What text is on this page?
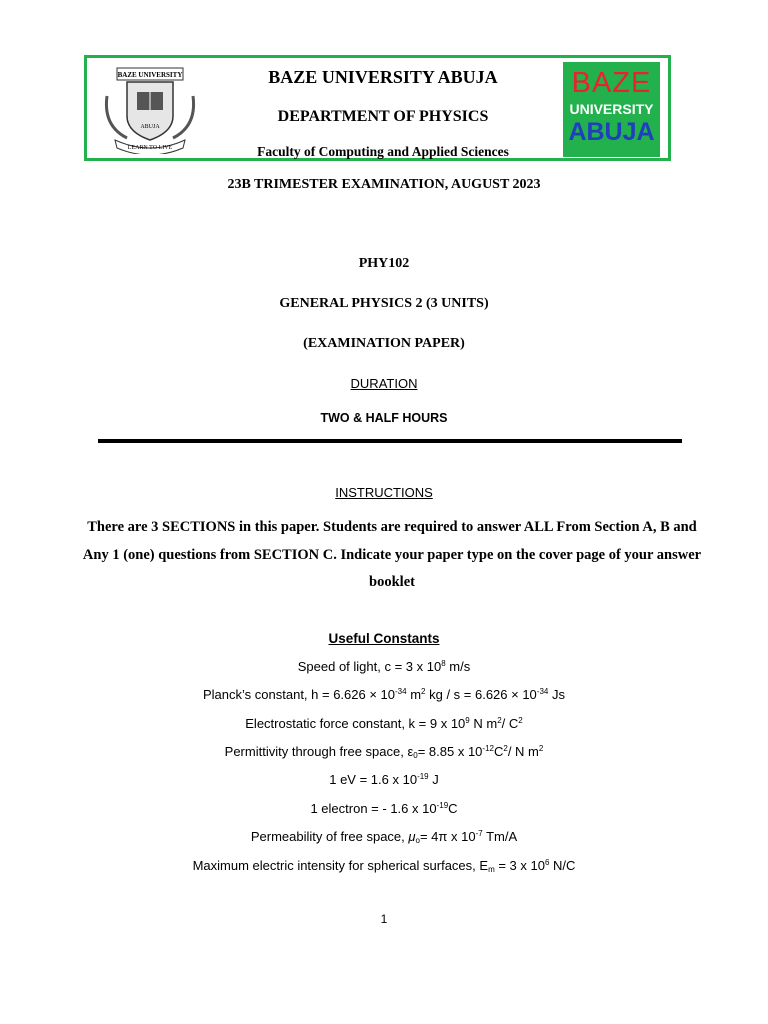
BAZE UNIVERSITY
ABUJA
LEARN TO LIVE
BAZE UNIVERSITY ABUJA
DEPARTMENT OF PHYSICS
Faculty of Computing and Applied Sciences
BAZE
UNIVERSITY
ABUJA
23B TRIMESTER EXAMINATION, AUGUST 2023
PHY102
GENERAL PHYSICS 2 (3 UNITS)
(EXAMINATION PAPER)
DURATION
TWO & HALF HOURS
INSTRUCTIONS
There are 3 SECTIONS in this paper. Students are required to answer ALL From Section A, B and Any 1 (one) questions from SECTION C. Indicate your paper type on the cover page of your answer booklet
Useful Constants
Speed of light, c = 3 x $10^8$ m/s
Planck’s constant, $h = 6.626 \times 10^{-34}$ $m^2$ kg / $s = 6.626 \times 10^{-34}$ Js
Electrostatic force constant, k = 9 x $10^9$ N $m^2/$ $C^2$
Permittivity through free space, $\varepsilon_0= 8.85$ x $10^{-12}C^2/$ N $m^2$
1 eV = 1.6 x $10^{-19}$ J
1 electron = - 1.6 x $10^{-19}C$
Permeability of free space, $\mu_o= 4\pi$ x $10^{-7}$ Tm/A
Maximum electric intensity for spherical surfaces, $E_m = 3$ x $10^6$ N/C
1
